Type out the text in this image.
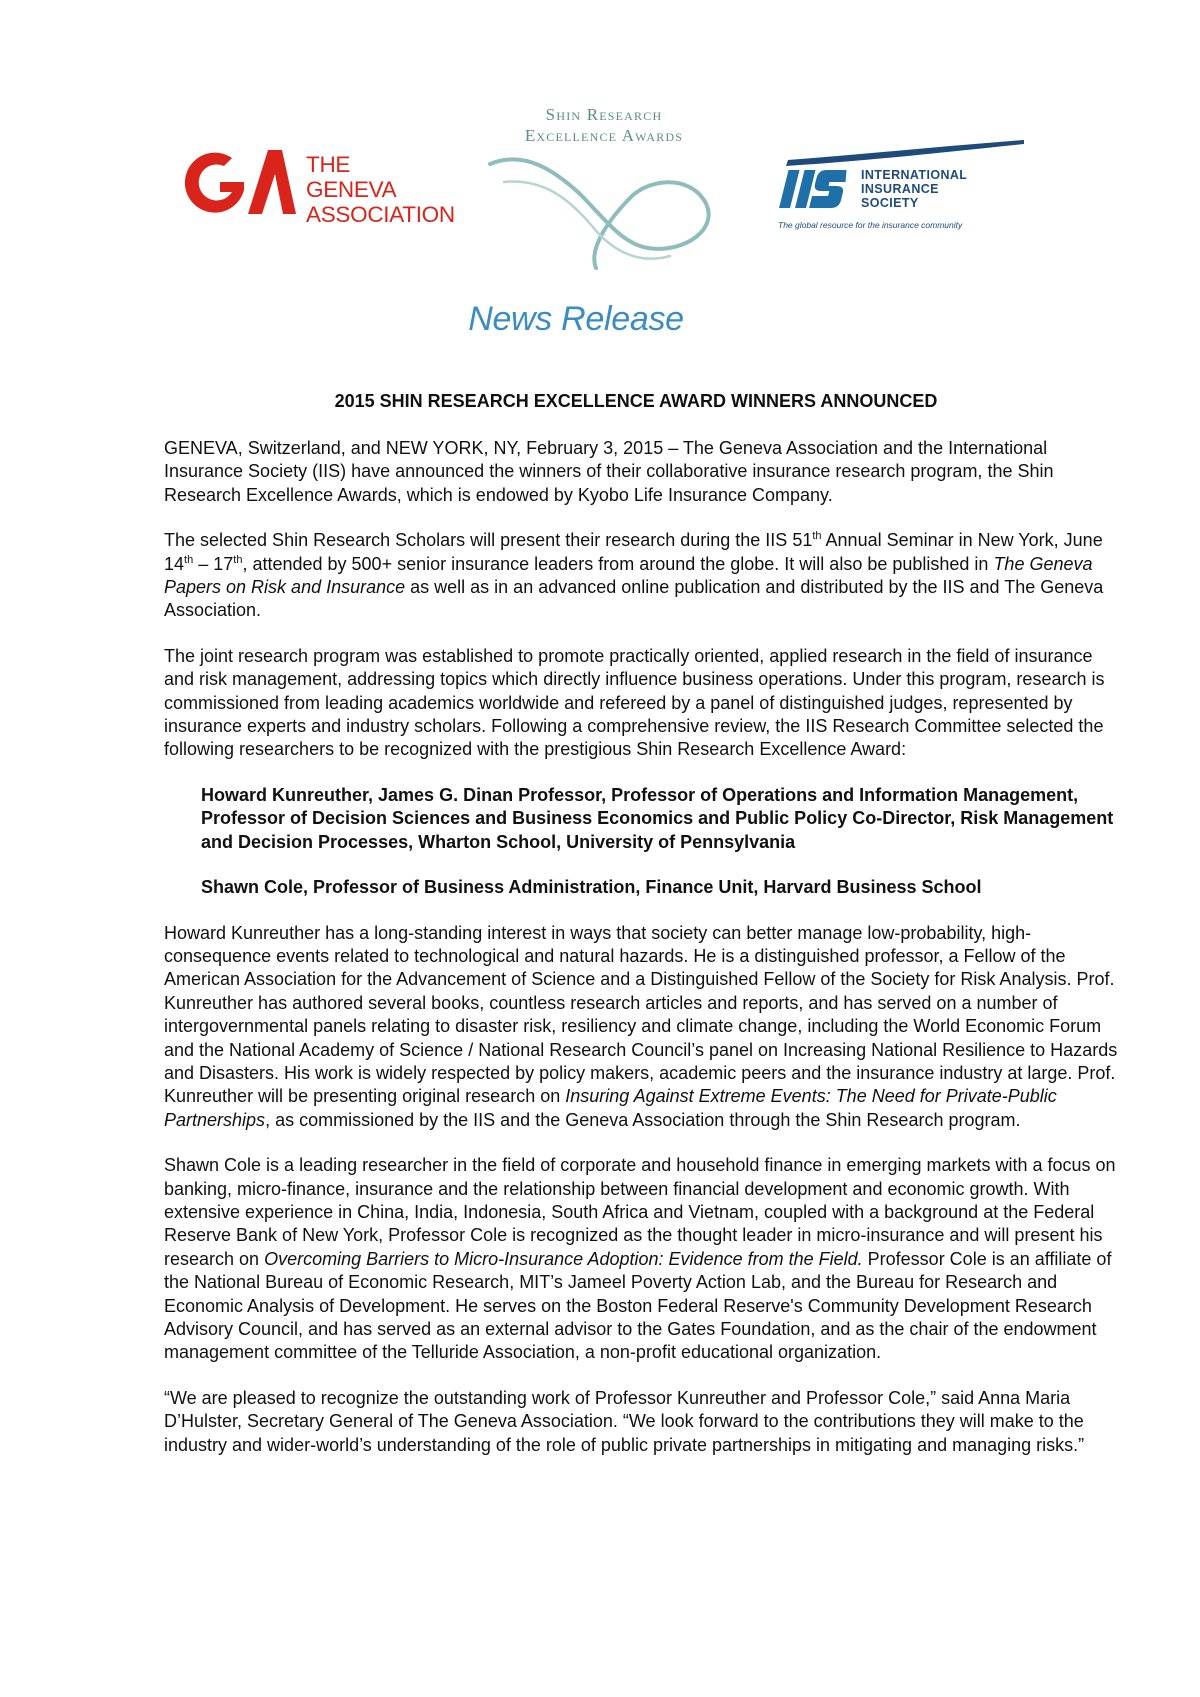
THE
GENEVA
ASSOCIATION
Shin Research
Excellence Awards
INTERNATIONAL
INSURANCE
SOCIETY
The global resource for the insurance community
News Release
2015 SHIN RESEARCH EXCELLENCE AWARD WINNERS ANNOUNCED

GENEVA, Switzerland, and NEW YORK, NY, February 3, 2015 – The Geneva Association and the International Insurance Society (IIS) have announced the winners of their collaborative insurance research program, the Shin Research Excellence Awards, which is endowed by Kyobo Life Insurance Company.

The selected Shin Research Scholars will present their research during the IIS 51th Annual Seminar in New York, June 14th – 17th, attended by 500+ senior insurance leaders from around the globe. It will also be published in The Geneva Papers on Risk and Insurance as well as in an advanced online publication and distributed by the IIS and The Geneva Association.

The joint research program was established to promote practically oriented, applied research in the field of insurance and risk management, addressing topics which directly influence business operations. Under this program, research is commissioned from leading academics worldwide and refereed by a panel of distinguished judges, represented by insurance experts and industry scholars. Following a comprehensive review, the IIS Research Committee selected the following researchers to be recognized with the prestigious Shin Research Excellence Award:

Howard Kunreuther, James G. Dinan Professor, Professor of Operations and Information Management, Professor of Decision Sciences and Business Economics and Public Policy Co-Director, Risk Management and Decision Processes, Wharton School, University of Pennsylvania

Shawn Cole, Professor of Business Administration, Finance Unit, Harvard Business School

Howard Kunreuther has a long-standing interest in ways that society can better manage low-probability, high-consequence events related to technological and natural hazards. He is a distinguished professor, a Fellow of the American Association for the Advancement of Science and a Distinguished Fellow of the Society for Risk Analysis. Prof. Kunreuther has authored several books, countless research articles and reports, and has served on a number of intergovernmental panels relating to disaster risk, resiliency and climate change, including the World Economic Forum and the National Academy of Science / National Research Council’s panel on Increasing National Resilience to Hazards and Disasters. His work is widely respected by policy makers, academic peers and the insurance industry at large. Prof. Kunreuther will be presenting original research on Insuring Against Extreme Events: The Need for Private-Public Partnerships, as commissioned by the IIS and the Geneva Association through the Shin Research program.

Shawn Cole is a leading researcher in the field of corporate and household finance in emerging markets with a focus on banking, micro-finance, insurance and the relationship between financial development and economic growth. With extensive experience in China, India, Indonesia, South Africa and Vietnam, coupled with a background at the Federal Reserve Bank of New York, Professor Cole is recognized as the thought leader in micro-insurance and will present his research on Overcoming Barriers to Micro-Insurance Adoption: Evidence from the Field. Professor Cole is an affiliate of the National Bureau of Economic Research, MIT’s Jameel Poverty Action Lab, and the Bureau for Research and Economic Analysis of Development. He serves on the Boston Federal Reserve's Community Development Research Advisory Council, and has served as an external advisor to the Gates Foundation, and as the chair of the endowment management committee of the Telluride Association, a non-profit educational organization.

“We are pleased to recognize the outstanding work of Professor Kunreuther and Professor Cole,” said Anna Maria D’Hulster, Secretary General of The Geneva Association. “We look forward to the contributions they will make to the industry and wider-world’s understanding of the role of public private partnerships in mitigating and managing risks.”
